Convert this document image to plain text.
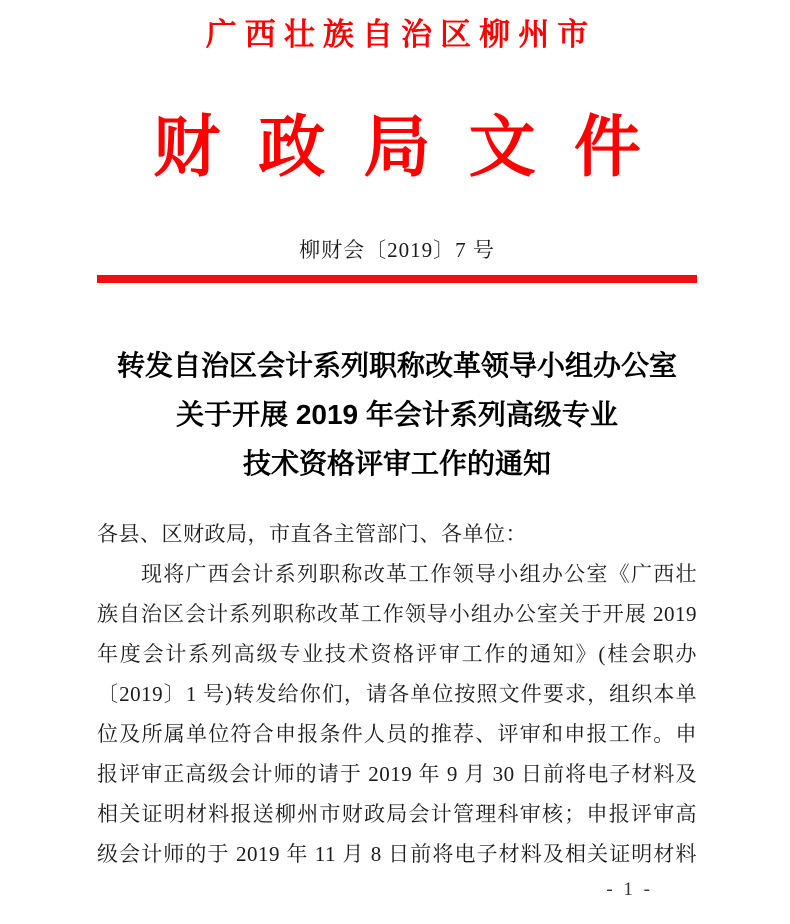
广西壮族自治区柳州市
财政局文件
柳财会〔2019〕7 号
转发自治区会计系列职称改革领导小组办公室
关于开展 2019 年会计系列高级专业
技术资格评审工作的通知
各县、区财政局，市直各主管部门、各单位：
现将广西会计系列职称改革工作领导小组办公室《广西壮
族自治区会计系列职称改革工作领导小组办公室关于开展 2019
年度会计系列高级专业技术资格评审工作的通知》(桂会职办
〔2019〕1 号)转发给你们，请各单位按照文件要求，组织本单
位及所属单位符合申报条件人员的推荐、评审和申报工作。申
报评审正高级会计师的请于 2019 年 9 月 30 日前将电子材料及
相关证明材料报送柳州市财政局会计管理科审核；申报评审高
级会计师的于 2019 年 11 月 8 日前将电子材料及相关证明材料
- 1 -
